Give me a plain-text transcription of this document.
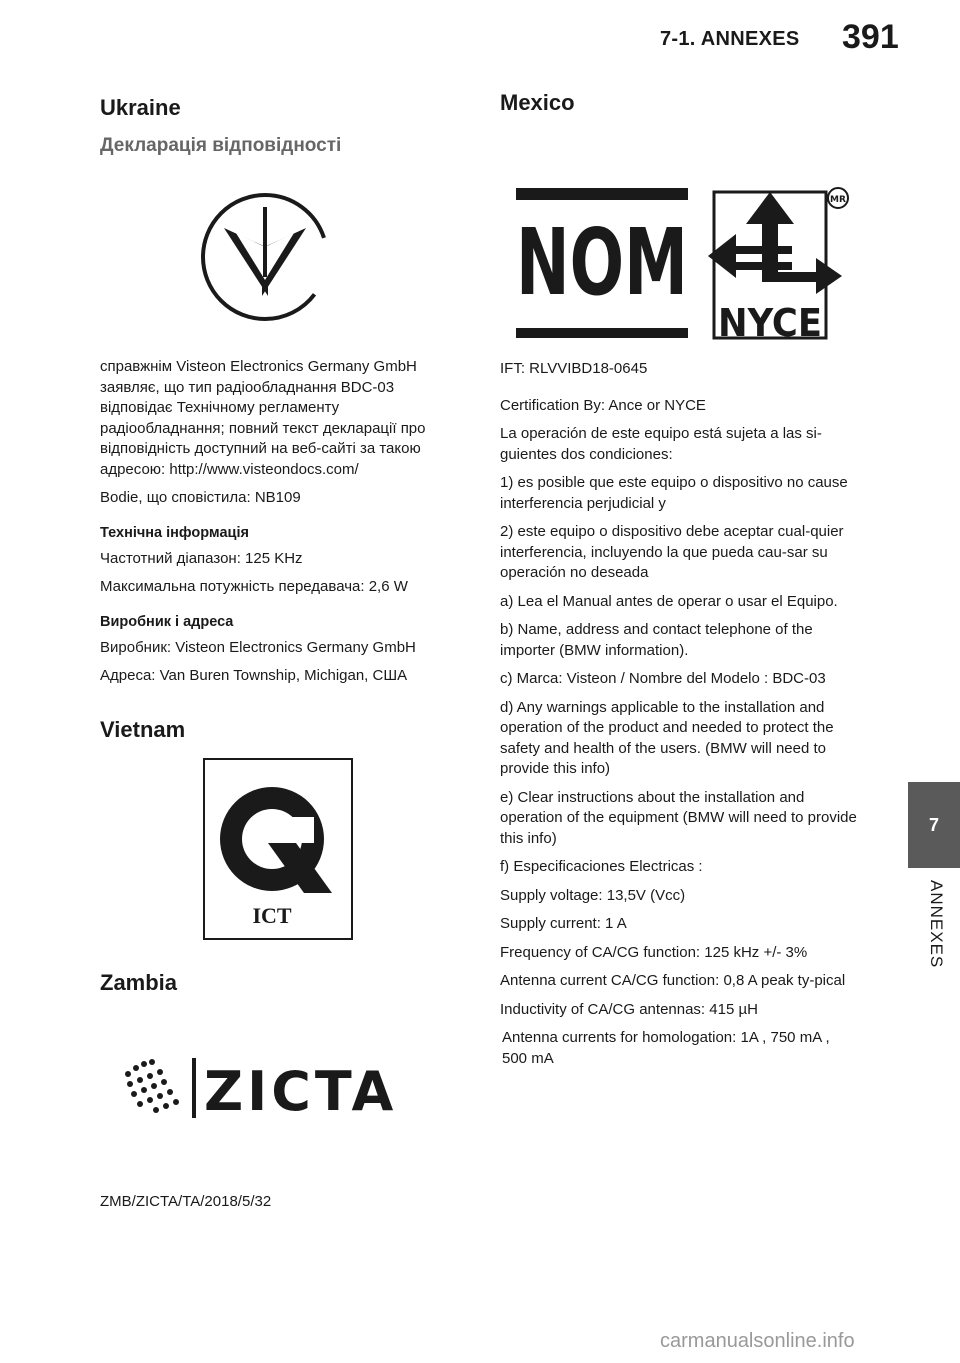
7-1. ANNEXES 391
7
ANNEXES
Ukraine
Декларація відповідності

справжнім Visteon Electronics Germany GmbH заявляє, що тип радіообладнання BDC-03 відповідає Технічному регламенту радіообладнання; повний текст декларації про відповідність доступний на веб-сайті за такою адресою: http://www.visteondocs.com/

Bodie, що сповістила: NB109

Технічна інформація

Частотний діапазон: 125 KHz

Максимальна потужність передавача: 2,6 W

Виробник і адреса

Виробник: Visteon Electronics Germany GmbH

Адреса: Van Buren Township, Michigan, США

Vietnam
ICT
Zambia
ZICTA

ZMB/ZICTA/TA/2018/5/32

Mexico
NOM
NYCE
MR

IFT: RLVVIBD18-0645

Certification By: Ance or NYCE

La operación de este equipo está sujeta a las si-guientes dos condiciones:

1) es posible que este equipo o dispositivo no cause interferencia perjudicial y

2) este equipo o dispositivo debe aceptar cual-quier interferencia, incluyendo la que pueda cau-sar su operación no deseada

a) Lea el Manual antes de operar o usar el Equipo.

b) Name, address and contact telephone of the importer (BMW information).

c) Marca: Visteon / Nombre del Modelo : BDC-03

d) Any warnings applicable to the installation and operation of the product and needed to protect the safety and health of the users. (BMW will need to provide this info)

e) Clear instructions about the installation and operation of the equipment (BMW will need to provide this info)

f) Especificaciones Electricas :

Supply voltage: 13,5V (Vcc)

Supply current: 1 A

Frequency of CA/CG function: 125 kHz +/- 3%

Antenna current CA/CG function: 0,8 A peak ty-pical

Inductivity of CA/CG antennas: 415 µH

Antenna currents for homologation: 1A , 750 mA , 500 mA

carmanualsonline.info
